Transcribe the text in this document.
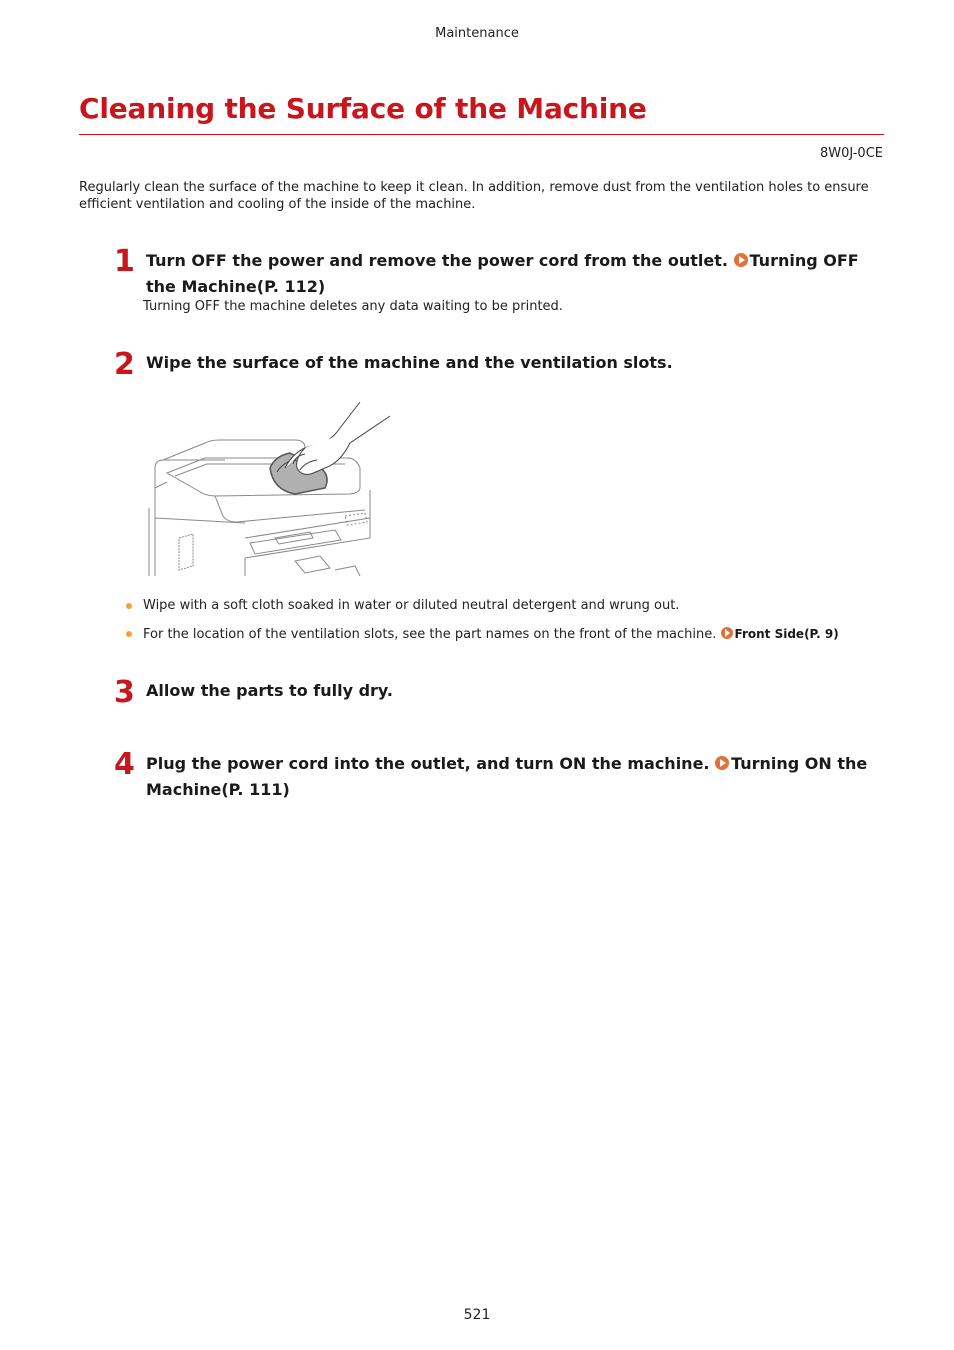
Maintenance
Cleaning the Surface of the Machine
8W0J-0CE

Regularly clean the surface of the machine to keep it clean. In addition, remove dust from the ventilation holes to ensure efficient ventilation and cooling of the inside of the machine.

1 Turn OFF the power and remove the power cord from the outlet. Turning OFF the Machine(P. 112)
Turning OFF the machine deletes any data waiting to be printed.
2 Wipe the surface of the machine and the ventilation slots.
Wipe with a soft cloth soaked in water or diluted neutral detergent and wrung out.
For the location of the ventilation slots, see the part names on the front of the machine. Front Side(P. 9)
3 Allow the parts to fully dry.
4 Plug the power cord into the outlet, and turn ON the machine. Turning ON the Machine(P. 111)
521
